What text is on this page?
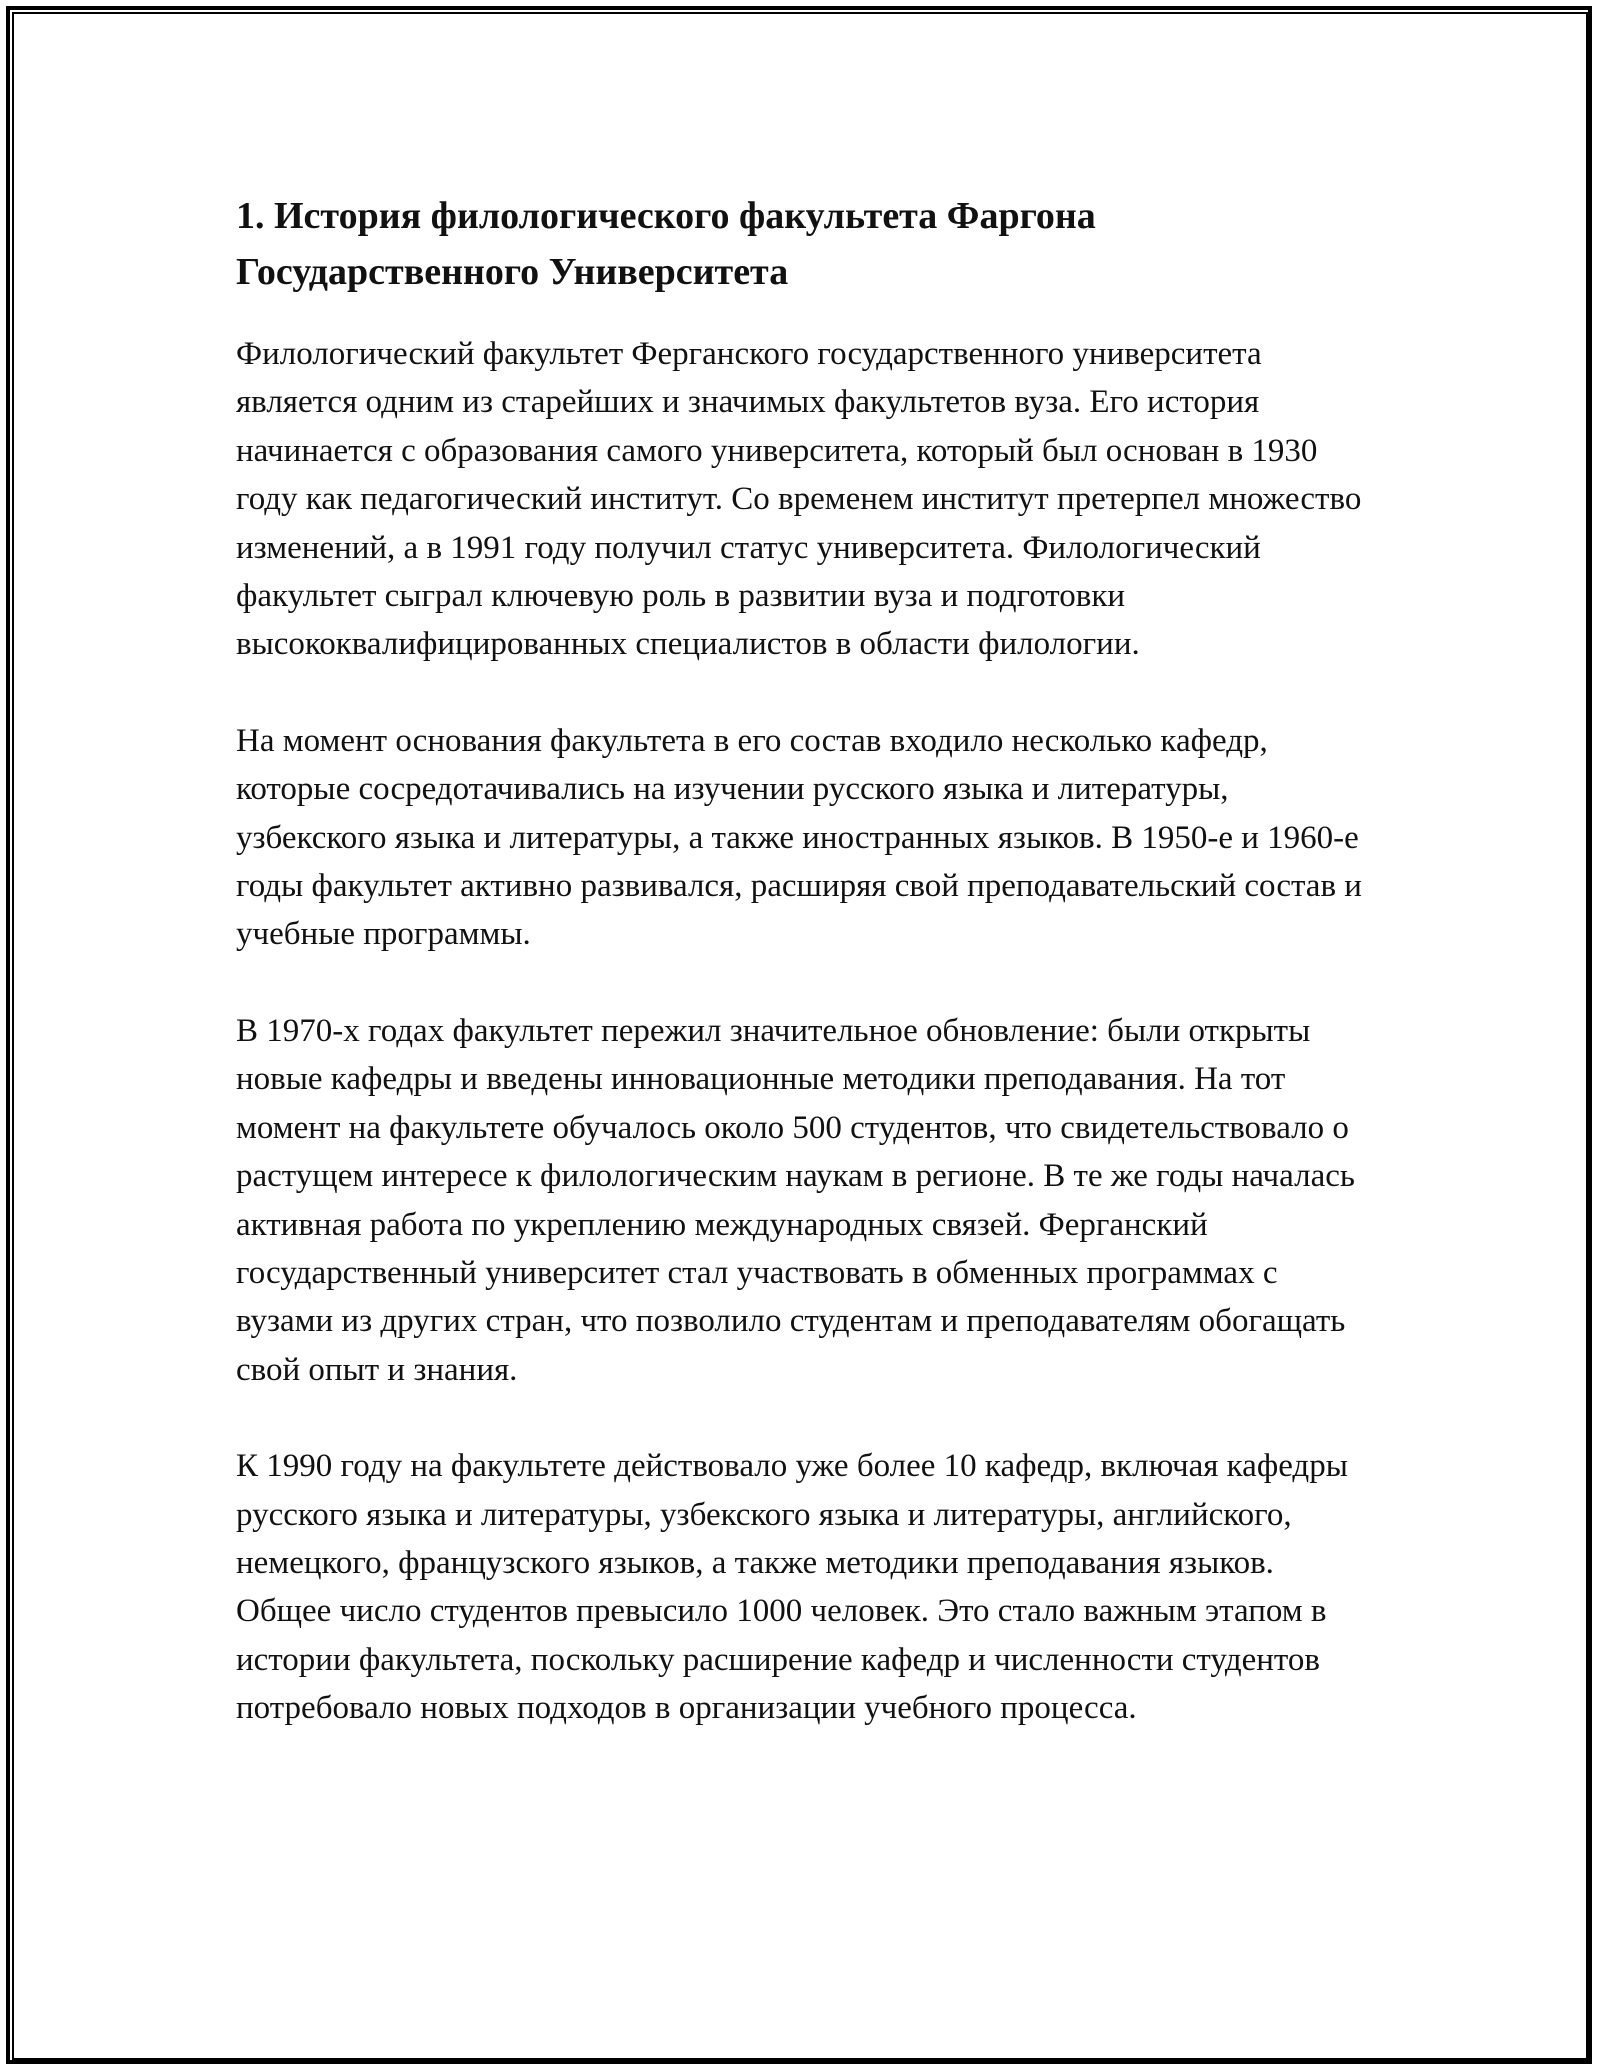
1. История филологического факультета Фаргона Государственного Университета

Филологический факультет Ферганского государственного университета является одним из старейших и значимых факультетов вуза. Его история начинается с образования самого университета, который был основан в 1930 году как педагогический институт. Со временем институт претерпел множество изменений, а в 1991 году получил статус университета. Филологический факультет сыграл ключевую роль в развитии вуза и подготовки высококвалифицированных специалистов в области филологии.

На момент основания факультета в его состав входило несколько кафедр, которые сосредотачивались на изучении русского языка и литературы, узбекского языка и литературы, а также иностранных языков. В 1950-е и 1960-е годы факультет активно развивался, расширяя свой преподавательский состав и учебные программы.

В 1970-х годах факультет пережил значительное обновление: были открыты новые кафедры и введены инновационные методики преподавания. На тот момент на факультете обучалось около 500 студентов, что свидетельствовало о растущем интересе к филологическим наукам в регионе. В те же годы началась активная работа по укреплению международных связей. Ферганский государственный университет стал участвовать в обменных программах с вузами из других стран, что позволило студентам и преподавателям обогащать свой опыт и знания.

К 1990 году на факультете действовало уже более 10 кафедр, включая кафедры русского языка и литературы, узбекского языка и литературы, английского, немецкого, французского языков, а также методики преподавания языков. Общее число студентов превысило 1000 человек. Это стало важным этапом в истории факультета, поскольку расширение кафедр и численности студентов потребовало новых подходов в организации учебного процесса.
